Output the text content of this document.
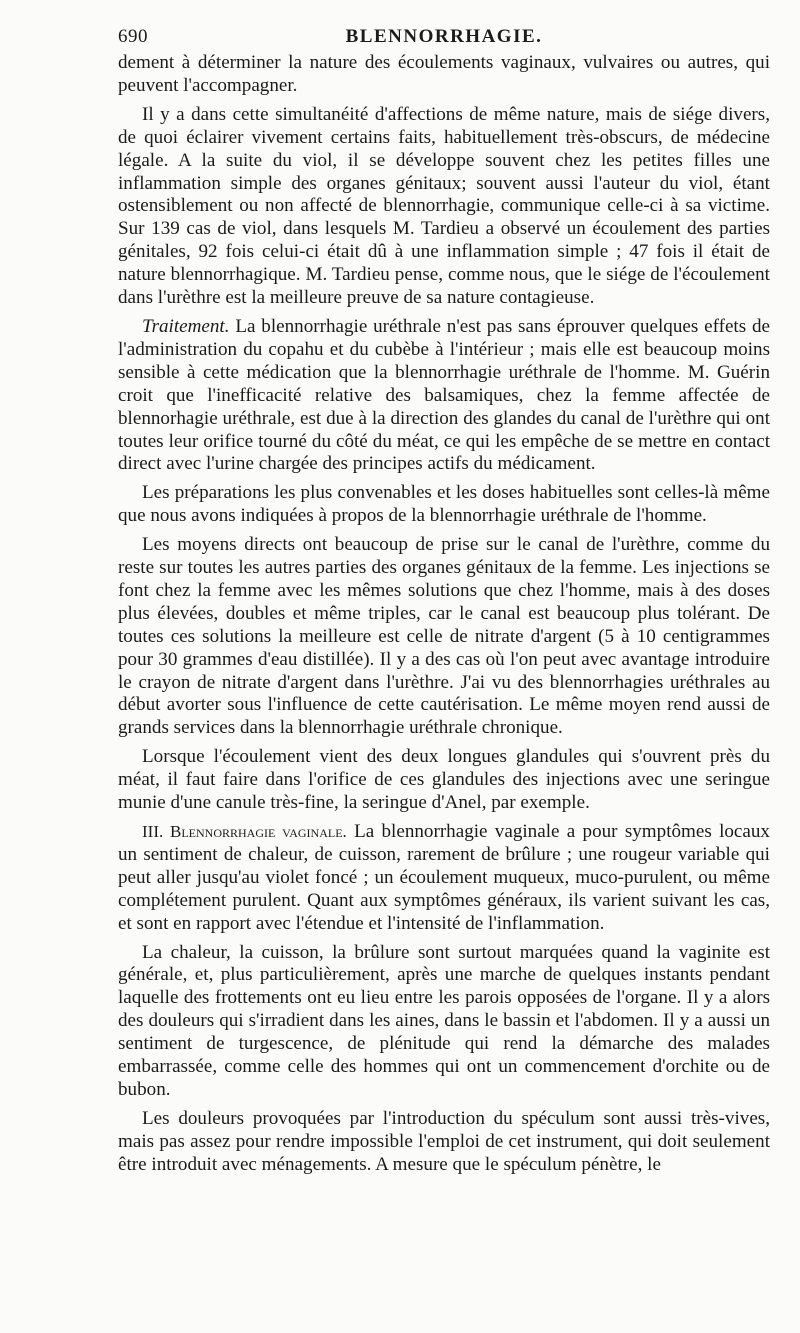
690	BLENNORRHAGIE.

dement à déterminer la nature des écoulements vaginaux, vulvaires ou autres, qui peuvent l'accompagner.

Il y a dans cette simultanéité d'affections de même nature, mais de siége divers, de quoi éclairer vivement certains faits, habituellement très-obscurs, de médecine légale. A la suite du viol, il se développe souvent chez les petites filles une inflammation simple des organes génitaux; souvent aussi l'auteur du viol, étant ostensiblement ou non affecté de blennorrhagie, communique celle-ci à sa victime. Sur 139 cas de viol, dans lesquels M. Tardieu a observé un écoulement des parties génitales, 92 fois celui-ci était dû à une inflammation simple ; 47 fois il était de nature blennorrhagique. M. Tardieu pense, comme nous, que le siége de l'écoulement dans l'urèthre est la meilleure preuve de sa nature contagieuse.

Traitement. La blennorrhagie uréthrale n'est pas sans éprouver quelques effets de l'administration du copahu et du cubèbe à l'intérieur ; mais elle est beaucoup moins sensible à cette médication que la blennorrhagie uréthrale de l'homme. M. Guérin croit que l'inefficacité relative des balsamiques, chez la femme affectée de blennorhagie uréthrale, est due à la direction des glandes du canal de l'urèthre qui ont toutes leur orifice tourné du côté du méat, ce qui les empêche de se mettre en contact direct avec l'urine chargée des principes actifs du médicament.

Les préparations les plus convenables et les doses habituelles sont celles-là même que nous avons indiquées à propos de la blennorrhagie uréthrale de l'homme.

Les moyens directs ont beaucoup de prise sur le canal de l'urèthre, comme du reste sur toutes les autres parties des organes génitaux de la femme. Les injections se font chez la femme avec les mêmes solutions que chez l'homme, mais à des doses plus élevées, doubles et même triples, car le canal est beaucoup plus tolérant. De toutes ces solutions la meilleure est celle de nitrate d'argent (5 à 10 centigrammes pour 30 grammes d'eau distillée). Il y a des cas où l'on peut avec avantage introduire le crayon de nitrate d'argent dans l'urèthre. J'ai vu des blennorrhagies uréthrales au début avorter sous l'influence de cette cautérisation. Le même moyen rend aussi de grands services dans la blennorrhagie uréthrale chronique.

Lorsque l'écoulement vient des deux longues glandules qui s'ouvrent près du méat, il faut faire dans l'orifice de ces glandules des injections avec une seringue munie d'une canule très-fine, la seringue d'Anel, par exemple.

III. Blennorrhagie vaginale. La blennorrhagie vaginale a pour symptômes locaux un sentiment de chaleur, de cuisson, rarement de brûlure ; une rougeur variable qui peut aller jusqu'au violet foncé ; un écoulement muqueux, muco-purulent, ou même complétement purulent. Quant aux symptômes généraux, ils varient suivant les cas, et sont en rapport avec l'étendue et l'intensité de l'inflammation.

La chaleur, la cuisson, la brûlure sont surtout marquées quand la vaginite est générale, et, plus particulièrement, après une marche de quelques instants pendant laquelle des frottements ont eu lieu entre les parois opposées de l'organe. Il y a alors des douleurs qui s'irradient dans les aines, dans le bassin et l'abdomen. Il y a aussi un sentiment de turgescence, de plénitude qui rend la démarche des malades embarrassée, comme celle des hommes qui ont un commencement d'orchite ou de bubon.

Les douleurs provoquées par l'introduction du spéculum sont aussi très-vives, mais pas assez pour rendre impossible l'emploi de cet instrument, qui doit seulement être introduit avec ménagements. A mesure que le spéculum pénètre, le
